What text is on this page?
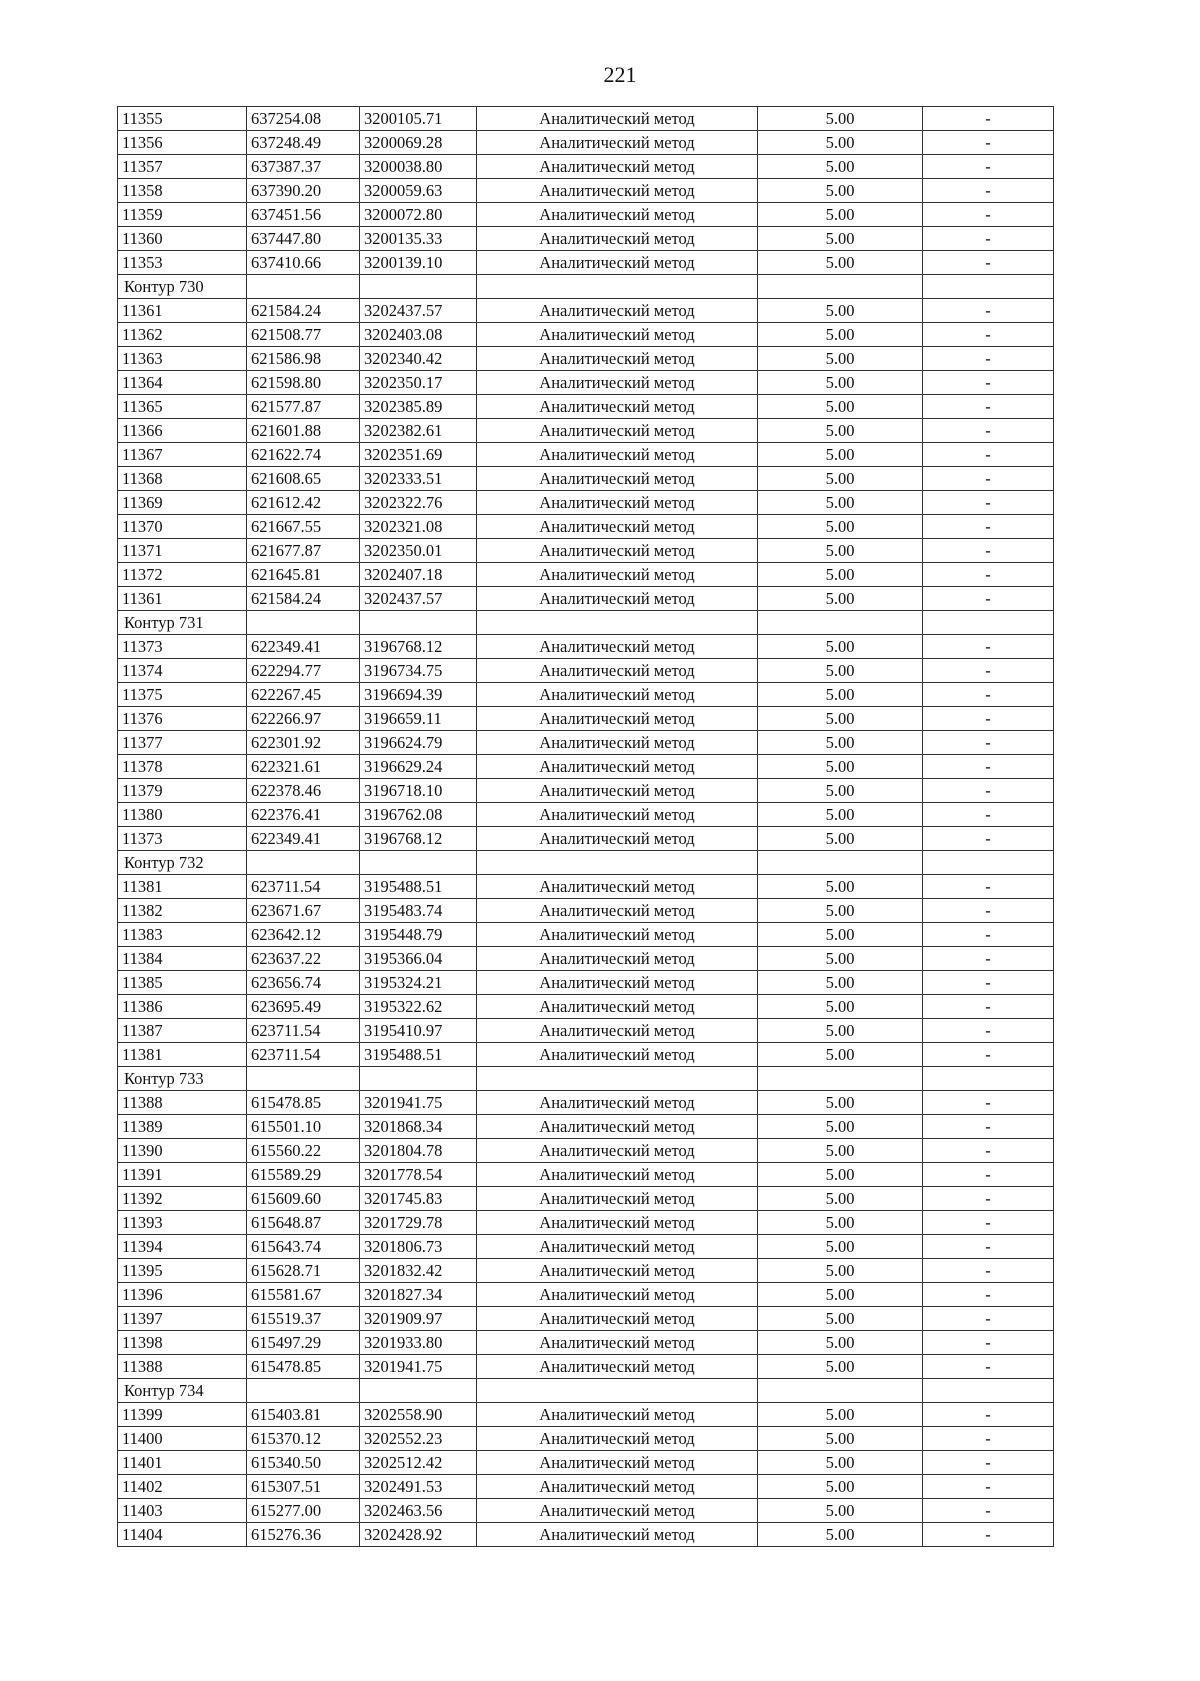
221
11355	637254.08	3200105.71	Аналитический метод	5.00	-
11356	637248.49	3200069.28	Аналитический метод	5.00	-
11357	637387.37	3200038.80	Аналитический метод	5.00	-
11358	637390.20	3200059.63	Аналитический метод	5.00	-
11359	637451.56	3200072.80	Аналитический метод	5.00	-
11360	637447.80	3200135.33	Аналитический метод	5.00	-
11353	637410.66	3200139.10	Аналитический метод	5.00	-
Контур 730					
11361	621584.24	3202437.57	Аналитический метод	5.00	-
11362	621508.77	3202403.08	Аналитический метод	5.00	-
11363	621586.98	3202340.42	Аналитический метод	5.00	-
11364	621598.80	3202350.17	Аналитический метод	5.00	-
11365	621577.87	3202385.89	Аналитический метод	5.00	-
11366	621601.88	3202382.61	Аналитический метод	5.00	-
11367	621622.74	3202351.69	Аналитический метод	5.00	-
11368	621608.65	3202333.51	Аналитический метод	5.00	-
11369	621612.42	3202322.76	Аналитический метод	5.00	-
11370	621667.55	3202321.08	Аналитический метод	5.00	-
11371	621677.87	3202350.01	Аналитический метод	5.00	-
11372	621645.81	3202407.18	Аналитический метод	5.00	-
11361	621584.24	3202437.57	Аналитический метод	5.00	-
Контур 731					
11373	622349.41	3196768.12	Аналитический метод	5.00	-
11374	622294.77	3196734.75	Аналитический метод	5.00	-
11375	622267.45	3196694.39	Аналитический метод	5.00	-
11376	622266.97	3196659.11	Аналитический метод	5.00	-
11377	622301.92	3196624.79	Аналитический метод	5.00	-
11378	622321.61	3196629.24	Аналитический метод	5.00	-
11379	622378.46	3196718.10	Аналитический метод	5.00	-
11380	622376.41	3196762.08	Аналитический метод	5.00	-
11373	622349.41	3196768.12	Аналитический метод	5.00	-
Контур 732					
11381	623711.54	3195488.51	Аналитический метод	5.00	-
11382	623671.67	3195483.74	Аналитический метод	5.00	-
11383	623642.12	3195448.79	Аналитический метод	5.00	-
11384	623637.22	3195366.04	Аналитический метод	5.00	-
11385	623656.74	3195324.21	Аналитический метод	5.00	-
11386	623695.49	3195322.62	Аналитический метод	5.00	-
11387	623711.54	3195410.97	Аналитический метод	5.00	-
11381	623711.54	3195488.51	Аналитический метод	5.00	-
Контур 733					
11388	615478.85	3201941.75	Аналитический метод	5.00	-
11389	615501.10	3201868.34	Аналитический метод	5.00	-
11390	615560.22	3201804.78	Аналитический метод	5.00	-
11391	615589.29	3201778.54	Аналитический метод	5.00	-
11392	615609.60	3201745.83	Аналитический метод	5.00	-
11393	615648.87	3201729.78	Аналитический метод	5.00	-
11394	615643.74	3201806.73	Аналитический метод	5.00	-
11395	615628.71	3201832.42	Аналитический метод	5.00	-
11396	615581.67	3201827.34	Аналитический метод	5.00	-
11397	615519.37	3201909.97	Аналитический метод	5.00	-
11398	615497.29	3201933.80	Аналитический метод	5.00	-
11388	615478.85	3201941.75	Аналитический метод	5.00	-
Контур 734					
11399	615403.81	3202558.90	Аналитический метод	5.00	-
11400	615370.12	3202552.23	Аналитический метод	5.00	-
11401	615340.50	3202512.42	Аналитический метод	5.00	-
11402	615307.51	3202491.53	Аналитический метод	5.00	-
11403	615277.00	3202463.56	Аналитический метод	5.00	-
11404	615276.36	3202428.92	Аналитический метод	5.00	-
